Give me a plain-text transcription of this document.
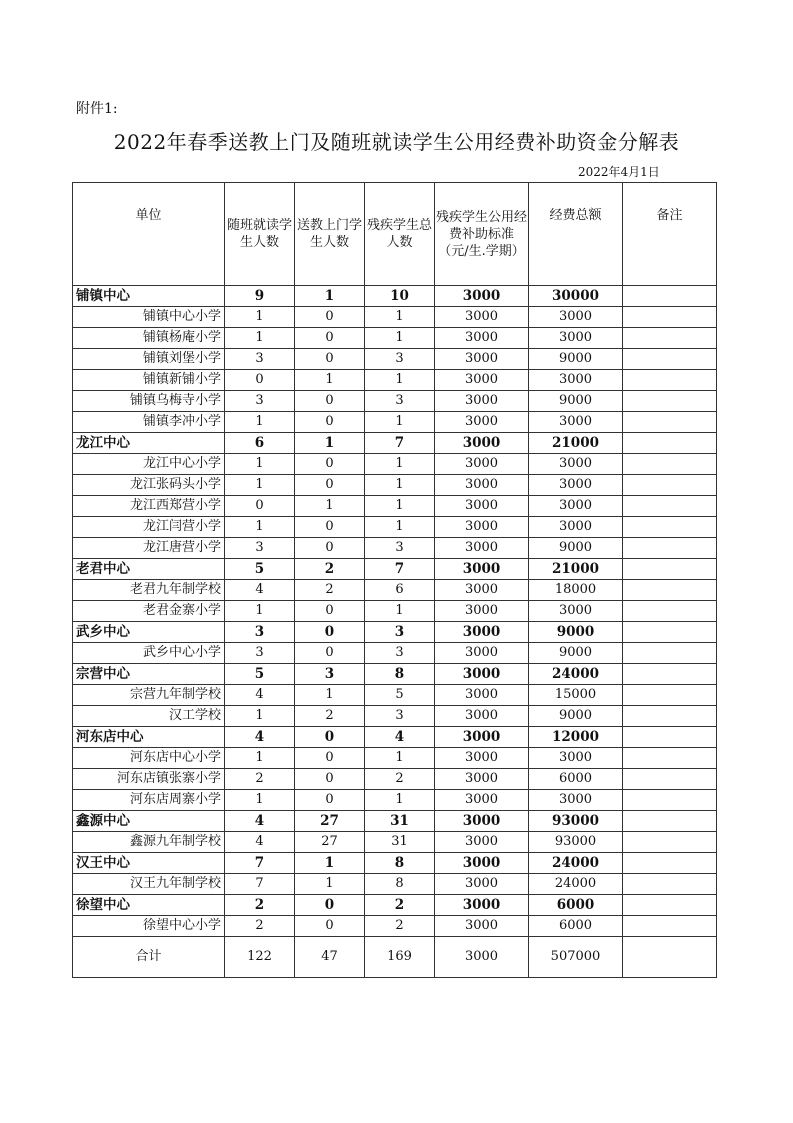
附件1:
2022年春季送教上门及随班就读学生公用经费补助资金分解表
2022年4月1日
单位	随班就读学生人数	送教上门学生人数	残疾学生总人数	残疾学生公用经费补助标准（元/生.学期）	经费总额	备注
铺镇中心	9	1	10	3000	30000	
铺镇中心小学	1	0	1	3000	3000	
铺镇杨庵小学	1	0	1	3000	3000	
铺镇刘堡小学	3	0	3	3000	9000	
铺镇新铺小学	0	1	1	3000	3000	
铺镇乌梅寺小学	3	0	3	3000	9000	
铺镇李冲小学	1	0	1	3000	3000	
龙江中心	6	1	7	3000	21000	
龙江中心小学	1	0	1	3000	3000	
龙江张码头小学	1	0	1	3000	3000	
龙江西郑营小学	0	1	1	3000	3000	
龙江闫营小学	1	0	1	3000	3000	
龙江唐营小学	3	0	3	3000	9000	
老君中心	5	2	7	3000	21000	
老君九年制学校	4	2	6	3000	18000	
老君金寨小学	1	0	1	3000	3000	
武乡中心	3	0	3	3000	9000	
武乡中心小学	3	0	3	3000	9000	
宗营中心	5	3	8	3000	24000	
宗营九年制学校	4	1	5	3000	15000	
汉工学校	1	2	3	3000	9000	
河东店中心	4	0	4	3000	12000	
河东店中心小学	1	0	1	3000	3000	
河东店镇张寨小学	2	0	2	3000	6000	
河东店周寨小学	1	0	1	3000	3000	
鑫源中心	4	27	31	3000	93000	
鑫源九年制学校	4	27	31	3000	93000	
汉王中心	7	1	8	3000	24000	
汉王九年制学校	7	1	8	3000	24000	
徐望中心	2	0	2	3000	6000	
徐望中心小学	2	0	2	3000	6000	
合计	122	47	169	3000	507000	
